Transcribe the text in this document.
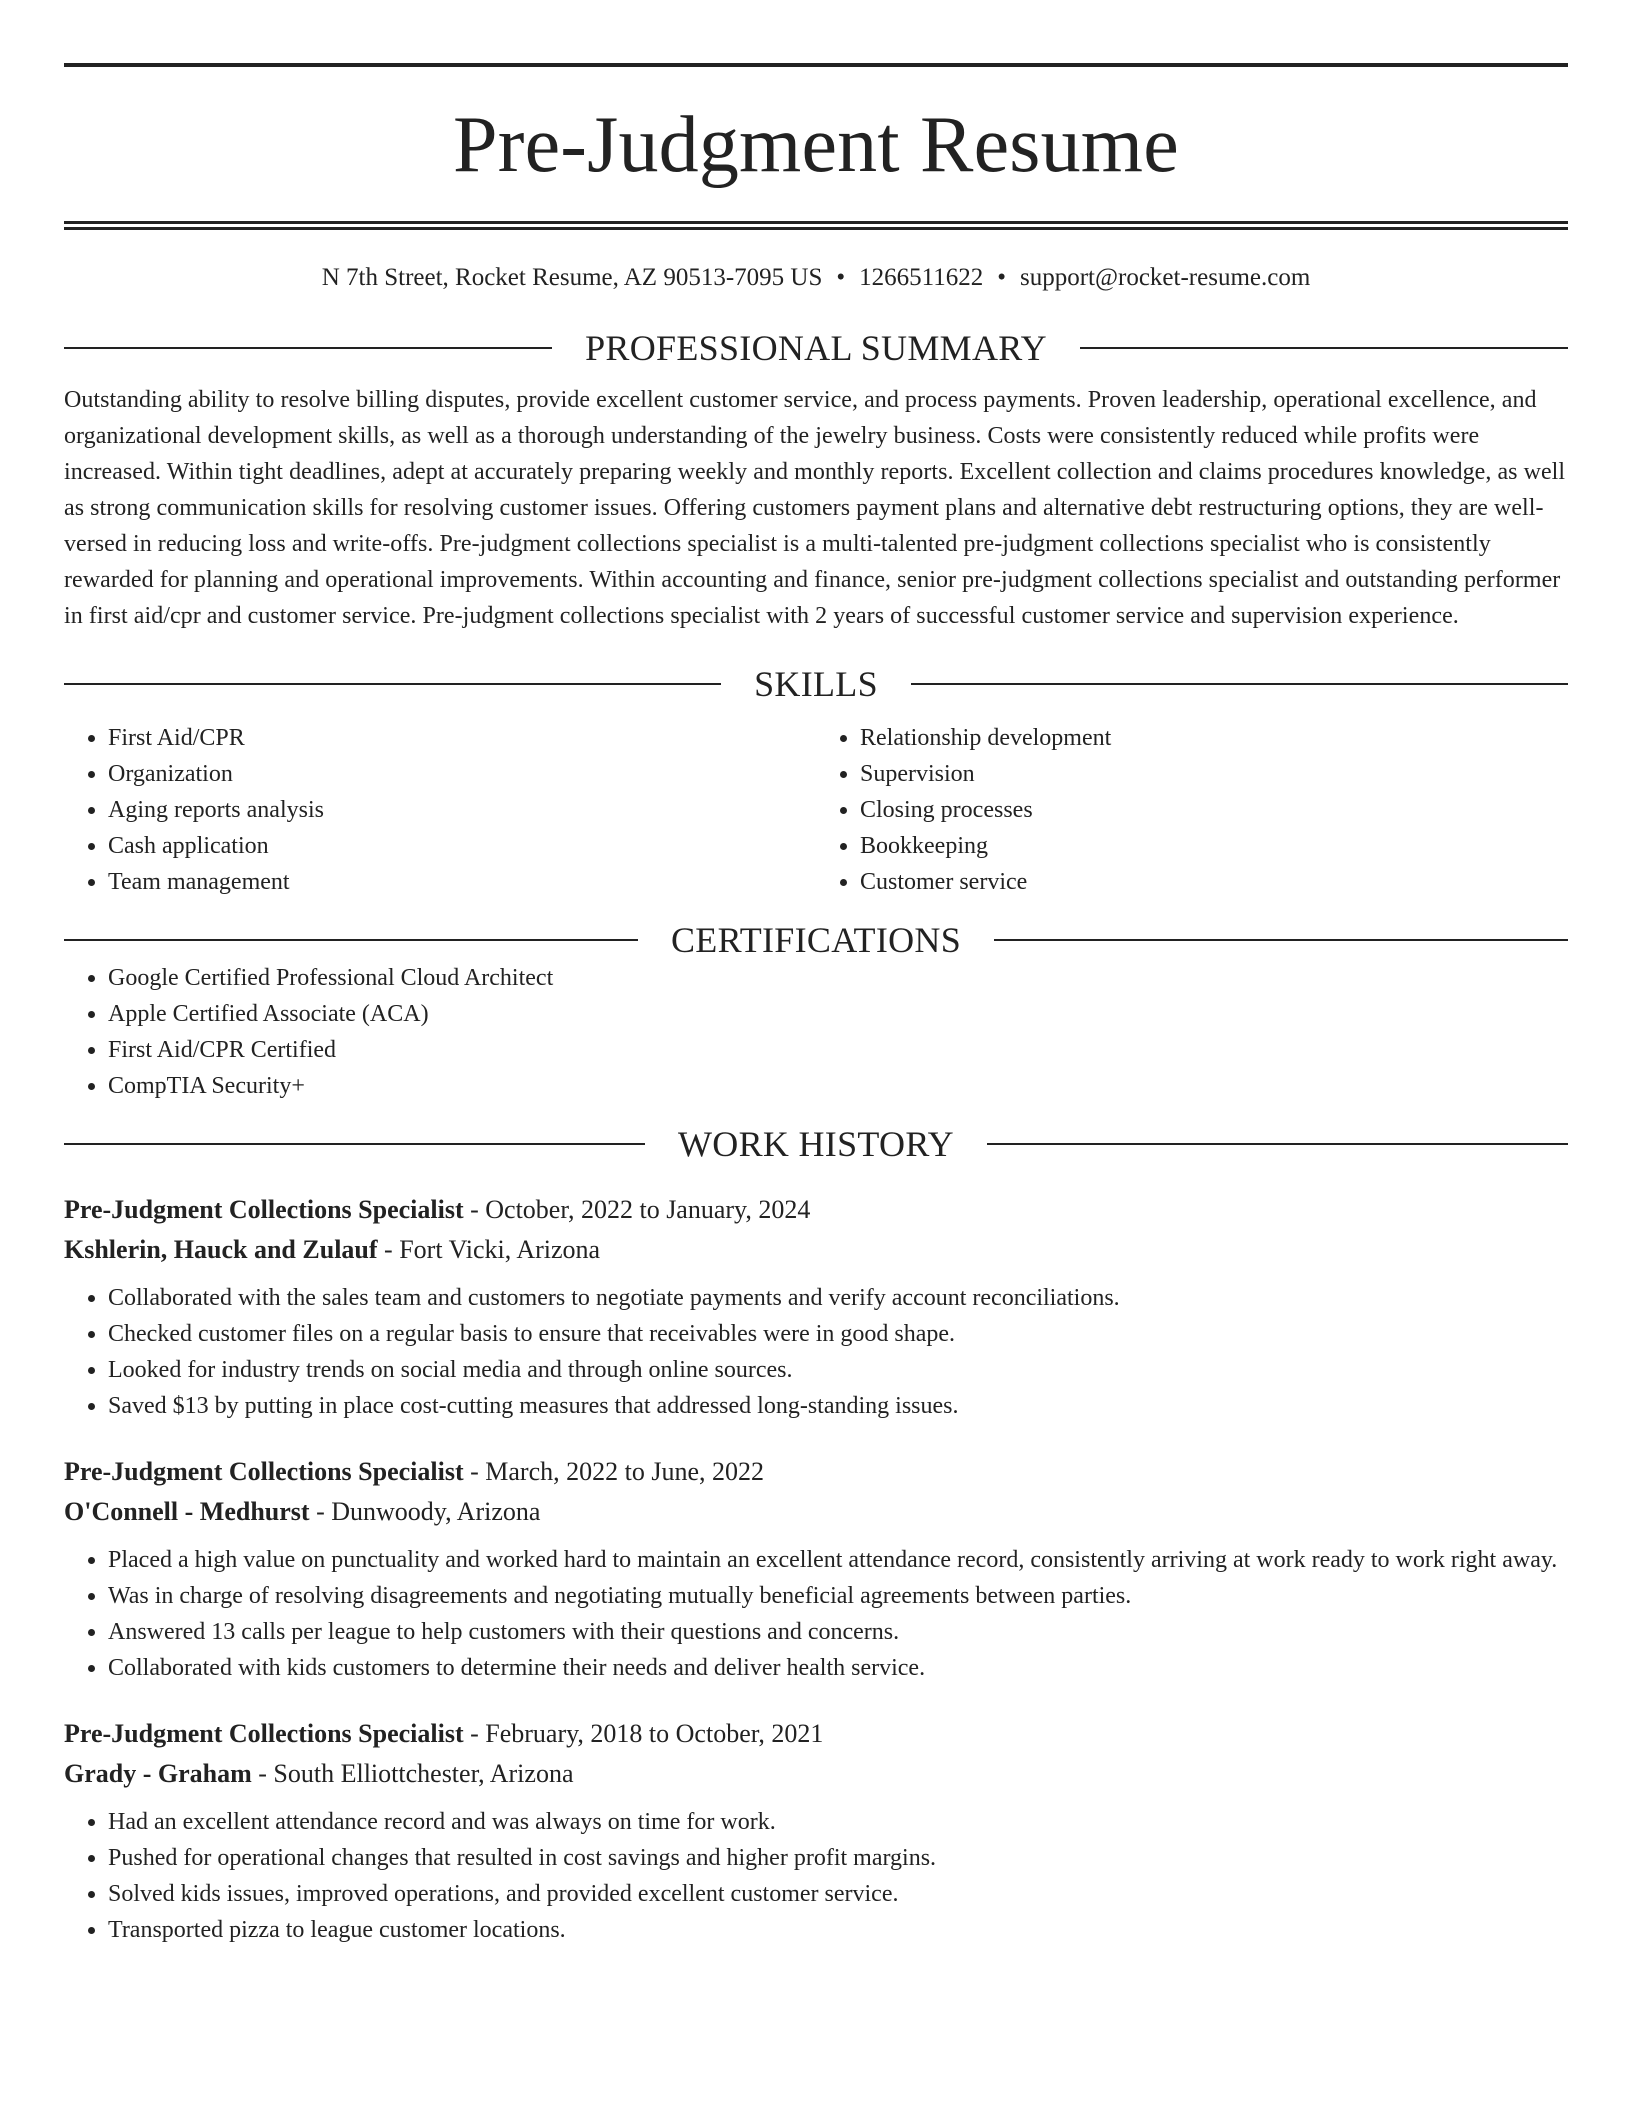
Pre-Judgment Resume
N 7th Street, Rocket Resume, AZ 90513-7095 US • 1266511622 • support@rocket-resume.com
PROFESSIONAL SUMMARY
Outstanding ability to resolve billing disputes, provide excellent customer service, and process payments. Proven leadership, operational excellence, and organizational development skills, as well as a thorough understanding of the jewelry business. Costs were consistently reduced while profits were increased. Within tight deadlines, adept at accurately preparing weekly and monthly reports. Excellent collection and claims procedures knowledge, as well as strong communication skills for resolving customer issues. Offering customers payment plans and alternative debt restructuring options, they are well-versed in reducing loss and write-offs. Pre-judgment collections specialist is a multi-talented pre-judgment collections specialist who is consistently rewarded for planning and operational improvements. Within accounting and finance, senior pre-judgment collections specialist and outstanding performer in first aid/cpr and customer service. Pre-judgment collections specialist with 2 years of successful customer service and supervision experience.
SKILLS
• First Aid/CPR
• Organization
• Aging reports analysis
• Cash application
• Team management
• Relationship development
• Supervision
• Closing processes
• Bookkeeping
• Customer service
CERTIFICATIONS
• Google Certified Professional Cloud Architect
• Apple Certified Associate (ACA)
• First Aid/CPR Certified
• CompTIA Security+
WORK HISTORY
Pre-Judgment Collections Specialist - October, 2022 to January, 2024
Kshlerin, Hauck and Zulauf - Fort Vicki, Arizona
• Collaborated with the sales team and customers to negotiate payments and verify account reconciliations.
• Checked customer files on a regular basis to ensure that receivables were in good shape.
• Looked for industry trends on social media and through online sources.
• Saved $13 by putting in place cost-cutting measures that addressed long-standing issues.
Pre-Judgment Collections Specialist - March, 2022 to June, 2022
O'Connell - Medhurst - Dunwoody, Arizona
• Placed a high value on punctuality and worked hard to maintain an excellent attendance record, consistently arriving at work ready to work right away.
• Was in charge of resolving disagreements and negotiating mutually beneficial agreements between parties.
• Answered 13 calls per league to help customers with their questions and concerns.
• Collaborated with kids customers to determine their needs and deliver health service.
Pre-Judgment Collections Specialist - February, 2018 to October, 2021
Grady - Graham - South Elliottchester, Arizona
• Had an excellent attendance record and was always on time for work.
• Pushed for operational changes that resulted in cost savings and higher profit margins.
• Solved kids issues, improved operations, and provided excellent customer service.
• Transported pizza to league customer locations.
